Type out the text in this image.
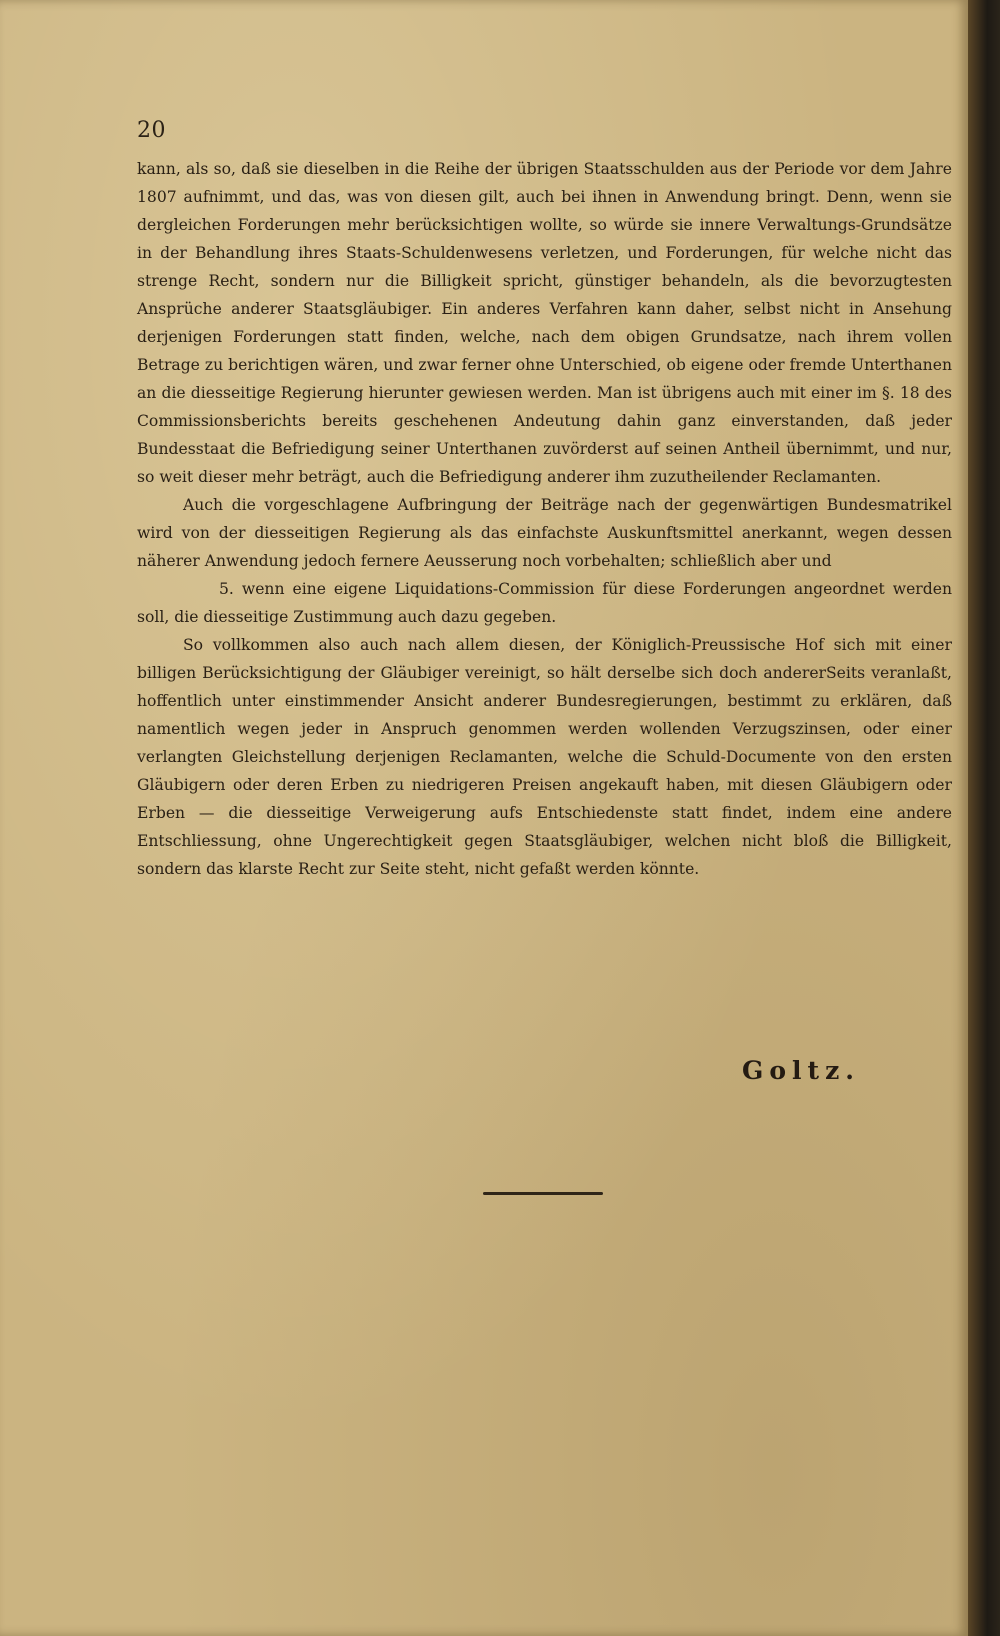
20

kann, als so, daß sie dieselben in die Reihe der übrigen Staatsschulden aus der Periode vor dem Jahre 1807 aufnimmt, und das, was von diesen gilt, auch bei ihnen in Anwendung bringt. Denn, wenn sie dergleichen Forderungen mehr berücksichtigen wollte, so würde sie innere Verwaltungs-Grundsätze in der Behandlung ihres Staats-Schuldenwesens verletzen, und Forderungen, für welche nicht das strenge Recht, sondern nur die Billigkeit spricht, günstiger behandeln, als die bevorzugtesten Ansprüche anderer Staatsgläubiger. Ein anderes Verfahren kann daher, selbst nicht in Ansehung derjenigen Forderungen statt finden, welche, nach dem obigen Grundsatze, nach ihrem vollen Betrage zu berichtigen wären, und zwar ferner ohne Unterschied, ob eigene oder fremde Unterthanen an die diesseitige Regierung hierunter gewiesen werden. Man ist übrigens auch mit einer im §. 18 des Commissionsberichts bereits geschehenen Andeutung dahin ganz einverstanden, daß jeder Bundesstaat die Befriedigung seiner Unterthanen zuvörderst auf seinen Antheil übernimmt, und nur, so weit dieser mehr beträgt, auch die Befriedigung anderer ihm zuzutheilender Reclamanten.

Auch die vorgeschlagene Aufbringung der Beiträge nach der gegenwärtigen Bundesmatrikel wird von der diesseitigen Regierung als das einfachste Auskunftsmittel anerkannt, wegen dessen näherer Anwendung jedoch fernere Aeusserung noch vorbehalten; schließlich aber und

5. wenn eine eigene Liquidations-Commission für diese Forderungen angeordnet werden soll, die diesseitige Zustimmung auch dazu gegeben.

So vollkommen also auch nach allem diesen, der Königlich-Preussische Hof sich mit einer billigen Berücksichtigung der Gläubiger vereinigt, so hält derselbe sich doch andererSeits veranlaßt, hoffentlich unter einstimmender Ansicht anderer Bundesregierungen, bestimmt zu erklären, daß namentlich wegen jeder in Anspruch genommen werden wollenden Verzugszinsen, oder einer verlangten Gleichstellung derjenigen Reclamanten, welche die Schuld-Documente von den ersten Gläubigern oder deren Erben zu niedrigeren Preisen angekauft haben, mit diesen Gläubigern oder Erben — die diesseitige Verweigerung aufs Entschiedenste statt findet, indem eine andere Entschliessung, ohne Ungerechtigkeit gegen Staatsgläubiger, welchen nicht bloß die Billigkeit, sondern das klarste Recht zur Seite steht, nicht gefaßt werden könnte.

Goltz.
